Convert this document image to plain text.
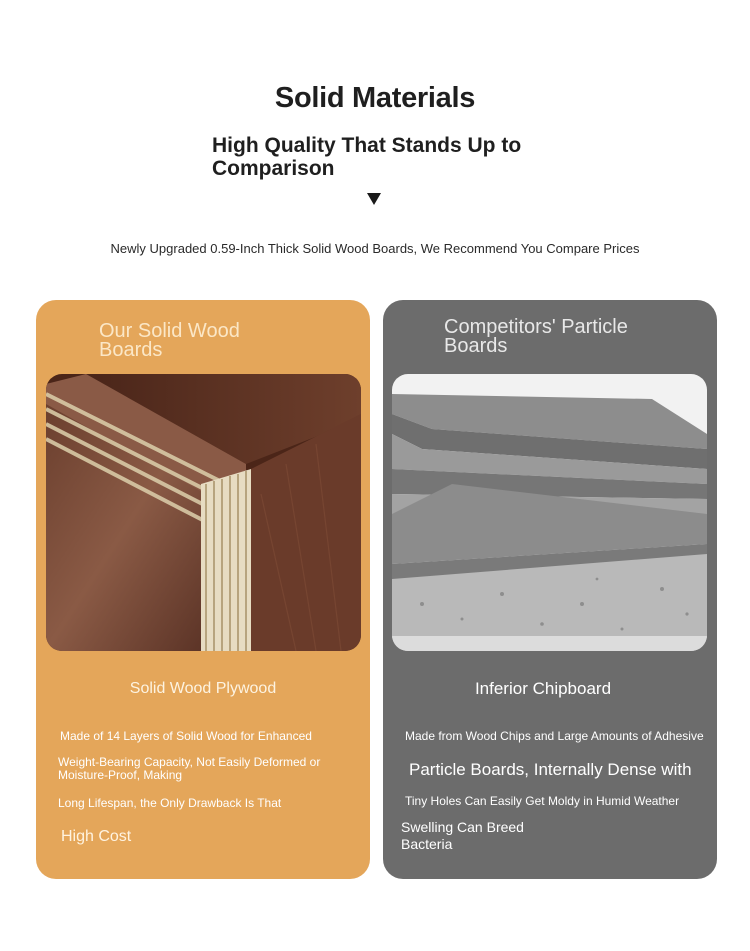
Solid Materials
High Quality That Stands Up to Comparison
Newly Upgraded 0.59-Inch Thick Solid Wood Boards, We Recommend You Compare Prices
Our Solid Wood
Boards
Solid Wood Plywood
Made of 14 Layers of Solid Wood for Enhanced
Weight-Bearing Capacity, Not Easily Deformed or Moisture-Proof, Making
Long Lifespan, the Only Drawback Is That
High Cost
Competitors' Particle
Boards
Inferior Chipboard
Made from Wood Chips and Large Amounts of Adhesive
Particle Boards, Internally Dense with
Tiny Holes Can Easily Get Moldy in Humid Weather
Swelling Can Breed
Bacteria
